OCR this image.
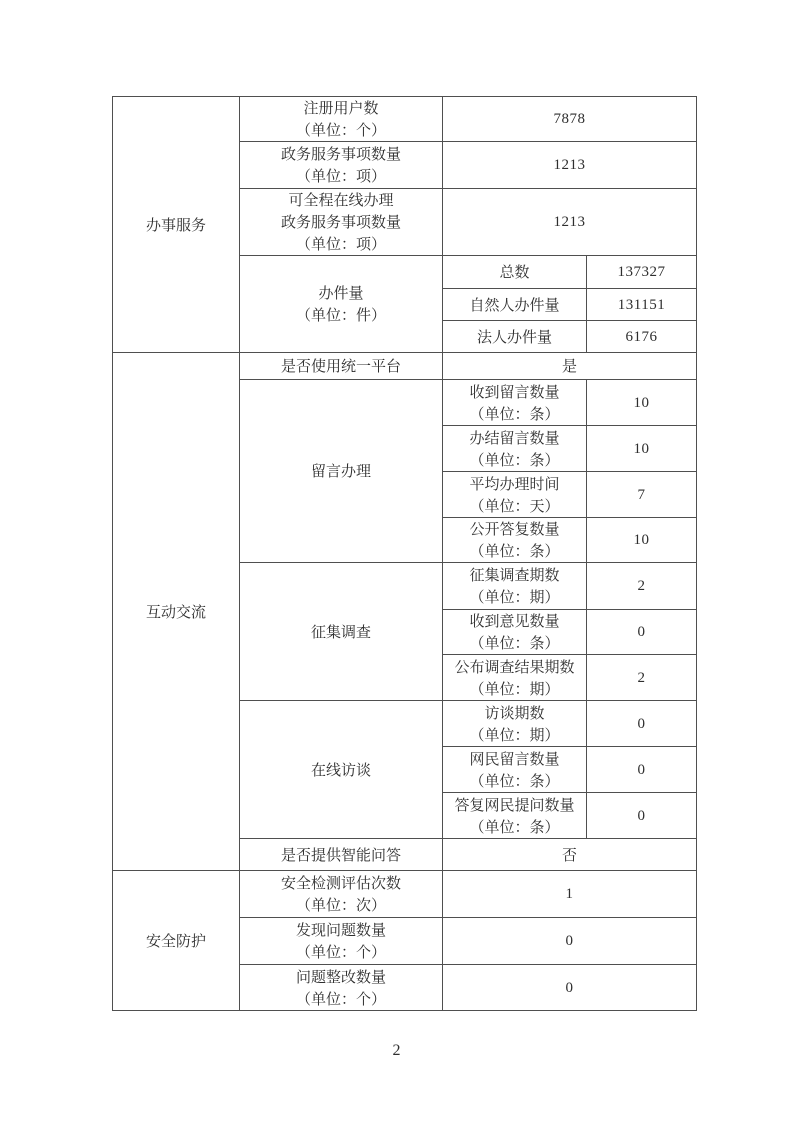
办事服务	注册用户数
（单位：个）	7878	

	政务服务事项数量
（单位：项）	1213	

	可全程在线办理
政务服务事项数量
（单位：项）	1213	

	办件量
（单位：件）	总数	137327
		自然人办件量	131151
		法人办件量	6176
互动交流	是否使用统一平台	是	
	留言办理	收到留言数量
（单位：条）	10

		办结留言数量
（单位：条）	10

		平均办理时间
（单位：天）	7

		公开答复数量
（单位：条）	10
	征集调查	征集调查期数
（单位：期）	2

		收到意见数量
（单位：条）	0

		公布调查结果期数
（单位：期）	2
	在线访谈	访谈期数
（单位：期）	0

		网民留言数量
（单位：条）	0

		答复网民提问数量
（单位：条）	0
	是否提供智能问答	否	
安全防护	安全检测评估次数
（单位：次）	1	

	发现问题数量
（单位：个）	0	

	问题整改数量
（单位：个）	0	
2
